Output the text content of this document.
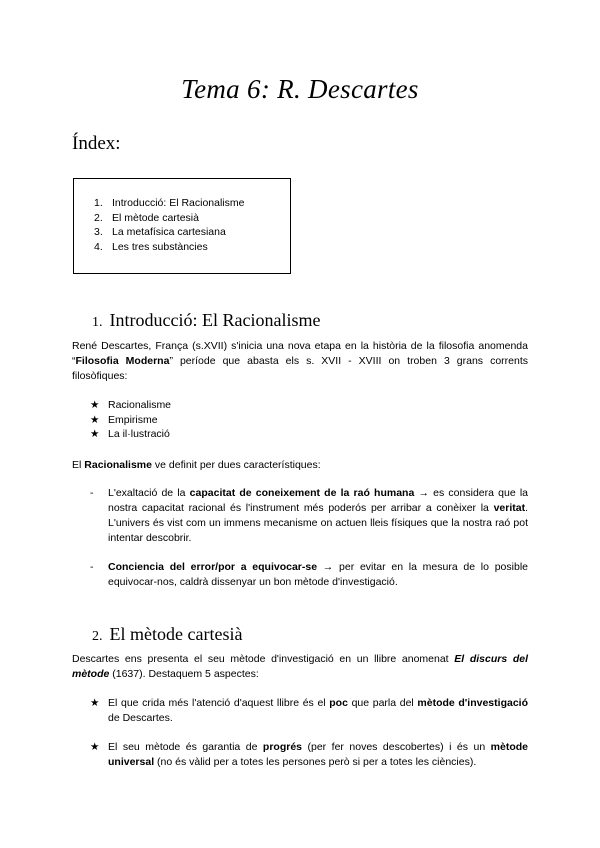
Tema 6: R. Descartes
Índex:
1. Introducció: El Racionalisme
2. El mètode cartesià
3. La metafísica cartesiana
4. Les tres substàncies
1. Introducció: El Racionalisme
René Descartes, França (s.XVII) s'inicia una nova etapa en la història de la filosofia anomenda “Filosofia Moderna” període que abasta els s. XVII - XVIII on troben 3 grans corrents filosòfiques:
★ Racionalisme
★ Empirisme
★ La il·lustració
El Racionalisme ve definit per dues característiques:
- L'exaltació de la capacitat de coneixement de la raó humana → es considera que la nostra capacitat racional és l'instrument més poderós per arribar a conèixer la veritat. L'univers és vist com un immens mecanisme on actuen lleis físiques que la nostra raó pot intentar descobrir.
- Conciencia del error/por a equivocar-se → per evitar en la mesura de lo posible equivocar-nos, caldrà dissenyar un bon mètode d'investigació.
2. El mètode cartesià
Descartes ens presenta el seu mètode d'investigació en un llibre anomenat El discurs del mètode (1637). Destaquem 5 aspectes:
★ El que crida més l'atenció d'aquest llibre és el poc que parla del mètode d'investigació de Descartes.
★ El seu mètode és garantia de progrés (per fer noves descobertes) i és un mètode universal (no és vàlid per a totes les persones però si per a totes les ciències).
